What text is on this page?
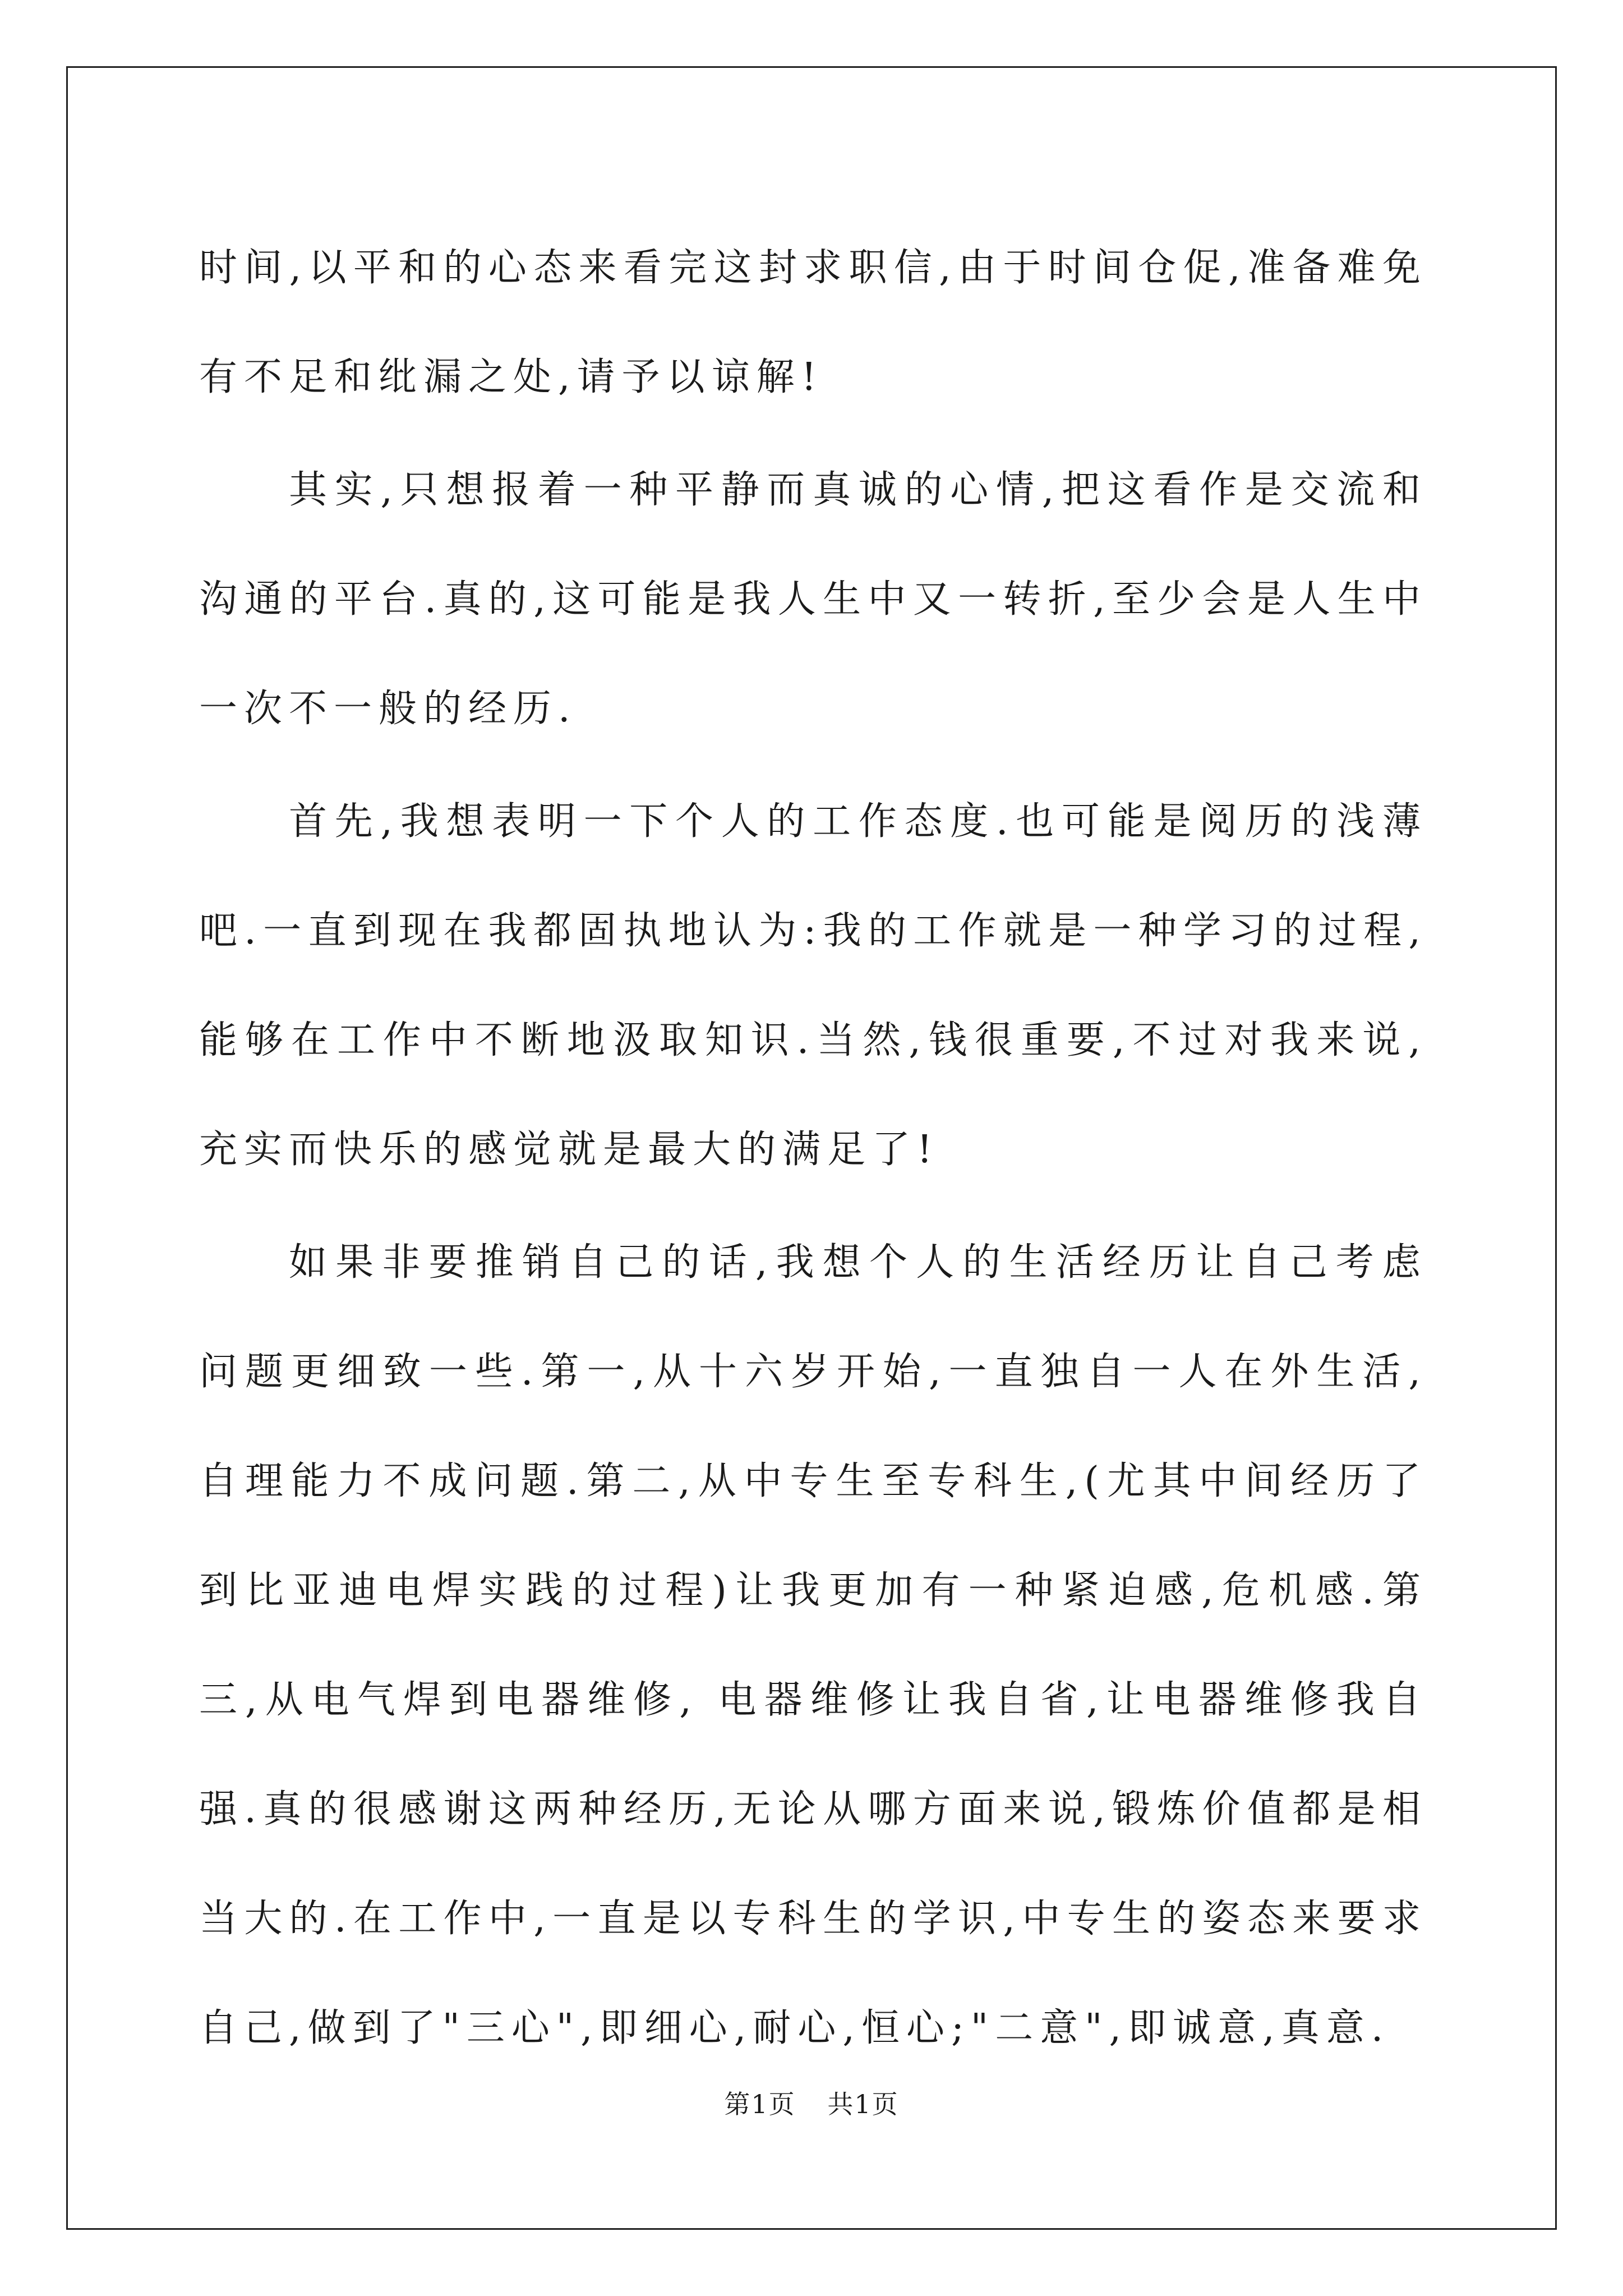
时间,以平和的心态来看完这封求职信,由于时间仓促,准备难免有不足和纰漏之处,请予以谅解!

其实,只想报着一种平静而真诚的心情,把这看作是交流和沟通的平台.真的,这可能是我人生中又一转折,至少会是人生中一次不一般的经历.

首先,我想表明一下个人的工作态度.也可能是阅历的浅薄吧.一直到现在我都固执地认为:我的工作就是一种学习的过程,能够在工作中不断地汲取知识.当然,钱很重要,不过对我来说,充实而快乐的感觉就是最大的满足了!

如果非要推销自己的话,我想个人的生活经历让自己考虑问题更细致一些.第一,从十六岁开始,一直独自一人在外生活,自理能力不成问题.第二,从中专生至专科生,(尤其中间经历了到比亚迪电焊实践的过程)让我更加有一种紧迫感,危机感.第三,从电气焊到电器维修, 电器维修让我自省,让电器维修我自强.真的很感谢这两种经历,无论从哪方面来说,锻炼价值都是相当大的.在工作中,一直是以专科生的学识,中专生的姿态来要求自己,做到了"三心",即细心,耐心,恒心;"二意",即诚意,真意.

第1页 共1页
